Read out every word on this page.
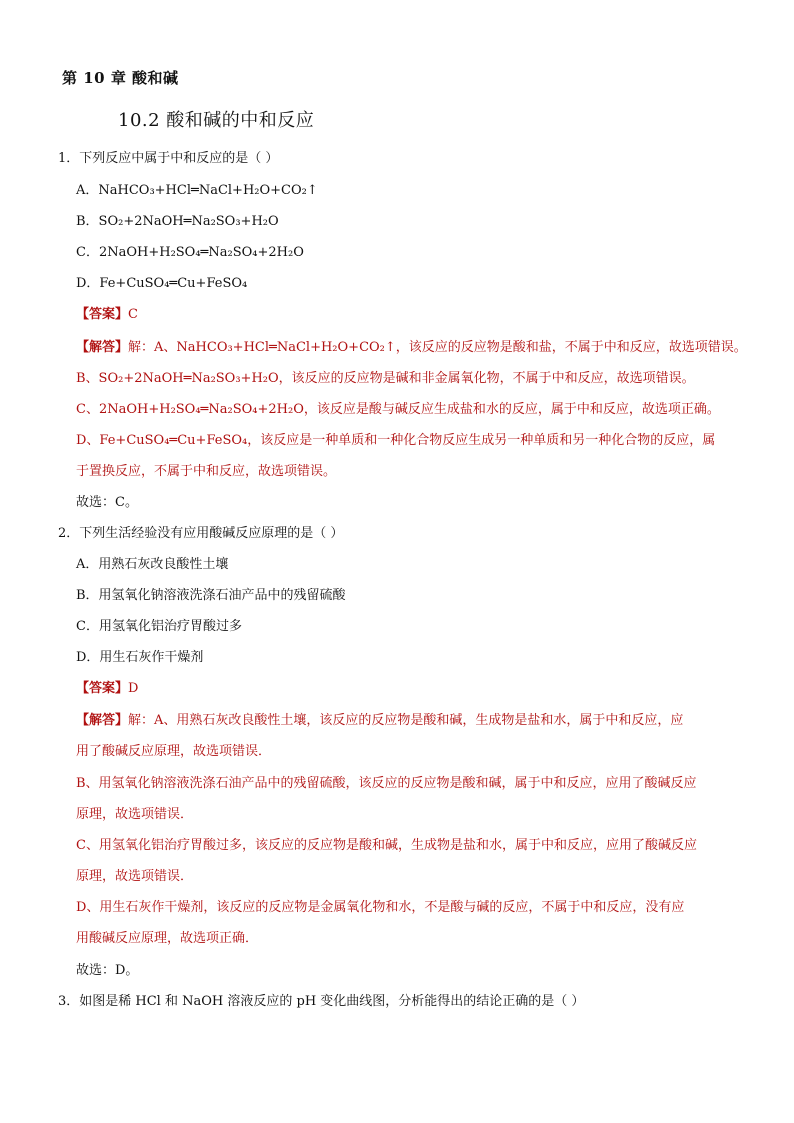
第 10 章 酸和碱
10.2 酸和碱的中和反应
1．下列反应中属于中和反应的是（ ）
A．NaHCO₃+HCl═NaCl+H₂O+CO₂↑
B．SO₂+2NaOH═Na₂SO₃+H₂O
C．2NaOH+H₂SO₄═Na₂SO₄+2H₂O
D．Fe+CuSO₄═Cu+FeSO₄
【答案】C
【解答】解：A、NaHCO₃+HCl═NaCl+H₂O+CO₂↑，该反应的反应物是酸和盐，不属于中和反应，故选项错误。
B、SO₂+2NaOH═Na₂SO₃+H₂O，该反应的反应物是碱和非金属氧化物，不属于中和反应，故选项错误。
C、2NaOH+H₂SO₄═Na₂SO₄+2H₂O，该反应是酸与碱反应生成盐和水的反应，属于中和反应，故选项正确。
D、Fe+CuSO₄═Cu+FeSO₄，该反应是一种单质和一种化合物反应生成另一种单质和另一种化合物的反应，属
于置换反应，不属于中和反应，故选项错误。
故选：C。
2．下列生活经验没有应用酸碱反应原理的是（ ）
A．用熟石灰改良酸性土壤
B．用氢氧化钠溶液洗涤石油产品中的残留硫酸
C．用氢氧化铝治疗胃酸过多
D．用生石灰作干燥剂
【答案】D
【解答】解：A、用熟石灰改良酸性土壤，该反应的反应物是酸和碱，生成物是盐和水，属于中和反应，应
用了酸碱反应原理，故选项错误．
B、用氢氧化钠溶液洗涤石油产品中的残留硫酸，该反应的反应物是酸和碱，属于中和反应，应用了酸碱反应
原理，故选项错误．
C、用氢氧化铝治疗胃酸过多，该反应的反应物是酸和碱，生成物是盐和水，属于中和反应，应用了酸碱反应
原理，故选项错误．
D、用生石灰作干燥剂，该反应的反应物是金属氧化物和水，不是酸与碱的反应，不属于中和反应，没有应
用酸碱反应原理，故选项正确．
故选：D。
3．如图是稀 HCl 和 NaOH 溶液反应的 pH 变化曲线图，分析能得出的结论正确的是（ ）
